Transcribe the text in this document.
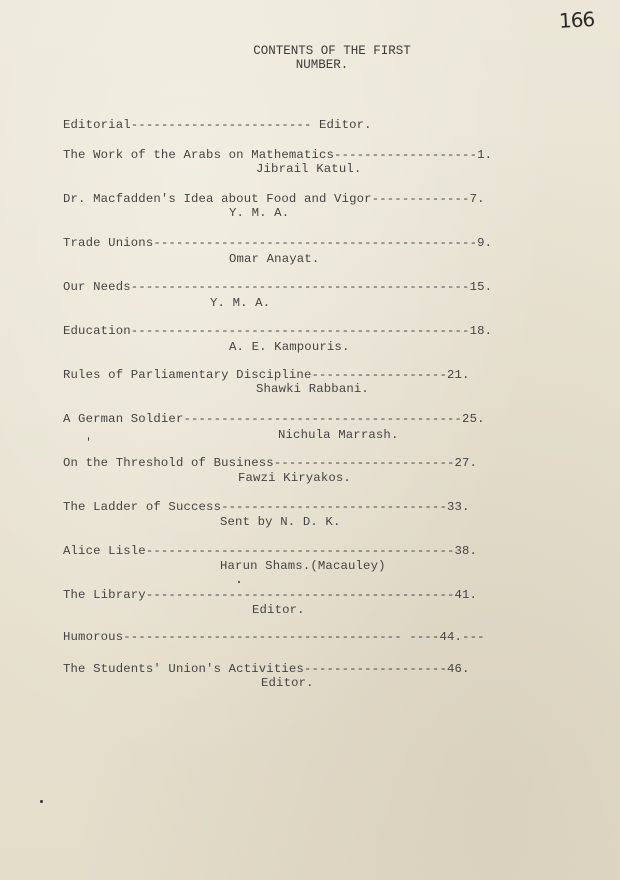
166
CONTENTS OF THE FIRST
NUMBER.
Editorial------------------------ Editor.
The Work of the Arabs on Mathematics-------------------1.
Jibrail Katul.
Dr. Macfadden's Idea about Food and Vigor-------------7.
Y. M. A.
Trade Unions-------------------------------------------9.
Omar Anayat.
Our Needs---------------------------------------------15.
Y. M. A.
Education---------------------------------------------18.
A. E. Kampouris.
Rules of Parliamentary Discipline------------------21.
Shawki Rabbani.
A German Soldier-------------------------------------25.
Nichula Marrash.
On the Threshold of Business------------------------27.
Fawzi Kiryakos.
The Ladder of Success------------------------------33.
Sent by N. D. K.
Alice Lisle-----------------------------------------38.
Harun Shams.(Macauley)
The Library-----------------------------------------41.
Editor.
Humorous------------------------------------- ----44.---
The Students' Union's Activities-------------------46.
Editor.
